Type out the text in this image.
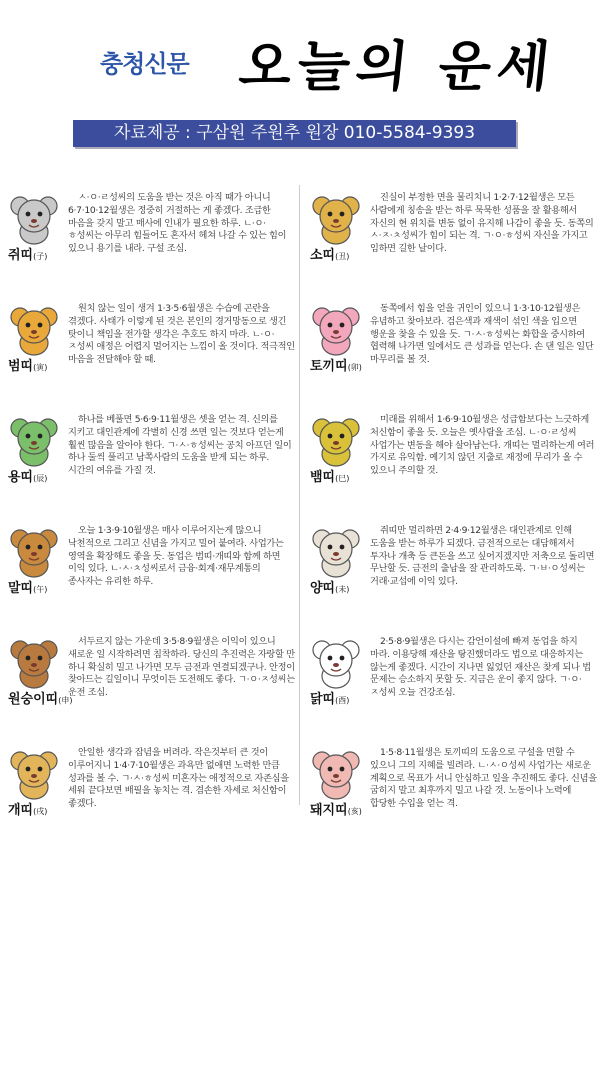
충청신문 오늘의 운세
자료제공 : 구삼원 주원추 원장 010-5584-9393
쥐띠(子)
ㅅ·ㅇ·ㄹ성씨의 도움을 받는 것은 아직 때가 아니니 6·7·10·12월생은 정중히 거절하는 게 좋겠다. 조급한 마음을 갖지 말고 매사에 인내가 필요한 하루. ㄴ·ㅇ·ㅎ성씨는 아무리 힘들어도 혼자서 헤쳐 나갈 수 있는 힘이 있으니 용기를 내라. 구설 조심.	소띠(丑)
진실이 부정한 면을 물리치니 1·2·7·12월생은 모든 사람에게 칭송을 받는 하루 묵묵한 성품을 잘 활용해서 자신의 현 위치를 변동 없이 유지해 나감이 좋을 듯. 동쪽의 ㅅ·ㅈ·ㅊ성씨가 힘이 되는 격. ㄱ·ㅇ·ㅎ성씨 자신을 가지고 임하면 길한 날이다.
범띠(寅)
원치 않는 일이 생겨 1·3·5·6월생은 수습에 곤란을 겪겠다. 사태가 이렇게 된 것은 본인의 경거망동으로 생긴 탓이니 책임을 전가할 생각은 추호도 하지 마라. ㄴ·ㅇ·ㅈ성씨 애정은 어렵지 멀어지는 느낌이 올 것이다. 적극적인 마음을 전달해야 할 때.	토끼띠(卯)
동쪽에서 힘을 얻을 귀인이 있으니 1·3·10·12월생은 유념하고 찾아보라. 검은색과 재색이 섞인 색을 입으면 행운을 찾을 수 있을 듯. ㄱ·ㅅ·ㅎ성씨는 화합을 중시하여 협력해 나가면 일에서도 큰 성과를 얻는다. 손 댄 일은 일단 마무리를 볼 것.
용띠(辰)
하나를 베풀면 5·6·9·11월생은 셋을 얻는 격. 신의를 지키고 대인관계에 각별히 신경 쓰면 일는 것보다 얻는게 훨씬 많음을 알아야 한다. ㄱ·ㅅ·ㅎ성씨는 공치 아프던 일이 하나 둘씩 풀리고 남쪽사람의 도움을 받게 되는 하루. 시간의 여유를 가질 것.	뱀띠(巳)
미래를 위해서 1·6·9·10월생은 성급함보다는 느긋하게 처신함이 좋을 듯. 오늘은 옛사람을 조심. ㄴ·ㅇ·ㄹ성씨 사업가는 변동을 해야 살아남는다. 개띠는 멀리하는게 여러 가지로 유익함. 예기치 않던 지출로 재정에 무리가 올 수 있으니 주의할 것.
말띠(午)
오늘 1·3·9·10월생은 매사 이루어지는게 많으니 낙천적으로 그리고 신념을 가지고 밀어 붙여라. 사업가는 영역을 확장해도 좋을 듯. 동업은 범띠·개띠와 함께 하면 이익 있다. ㄴ·ㅅ·ㅊ성씨로서 금융·회계·재무계통의 종사자는 유리한 하루.	양띠(未)
쥐띠만 멀리하면 2·4·9·12월생은 대인관계로 인해 도움을 받는 하루가 되겠다. 금전적으로는 대담해져서 투자나 개축 등 큰돈을 쓰고 싶어지겠지만 저축으로 돌리면 무난할 듯. 금전의 출납을 잘 관리하도록. ㄱ·ㅂ·ㅇ성씨는 거래·교섭에 이익 있다.
원숭이띠(申)
서두르지 않는 가운데 3·5·8·9월생은 이익이 있으니 새로운 일 시작하려면 침착하라. 당신의 추진력은 자랑할 만 하니 확실히 밀고 나가면 모두 금전과 연결되겠구나. 안정이 찾아드는 길일이니 무엇이든 도전해도 좋다. ㄱ·ㅇ·ㅈ성씨는 운전 조심.	닭띠(酉)
2·5·8·9월생은 다시는 감언이설에 빠져 동업을 하지 마라. 이용당해 재산을 탕진했더라도 법으로 대응하지는 않는게 좋겠다. 시간이 지나면 잃었던 재산은 찾게 되나 법 문제는 승소하지 못할 듯. 지금은 운이 좋지 않다. ㄱ·ㅇ·ㅈ성씨 오늘 건강조심.
개띠(戌)
안일한 생각과 잡념을 버려라. 작은것부터 큰 것이 이루어지니 1·4·7·10월생은 과욕만 없애면 노력한 만큼 성과를 볼 수. ㄱ·ㅅ·ㅎ성씨 미혼자는 애정적으로 자존심을 세워 끝다보면 배필을 놓치는 격. 겸손한 자세로 처신함이 좋겠다.	돼지띠(亥)
1·5·8·11월생은 토끼띠의 도움으로 구설을 면할 수 있으니 그의 지혜를 빌려라. ㄴ·ㅅ·ㅇ성씨 사업가는 새로운 계획으로 목표가 서니 안심하고 일을 추진해도 좋다. 신념을 굽히지 말고 최후까지 밀고 나갈 것. 노동이나 노력에 합당한 수입을 얻는 격.
